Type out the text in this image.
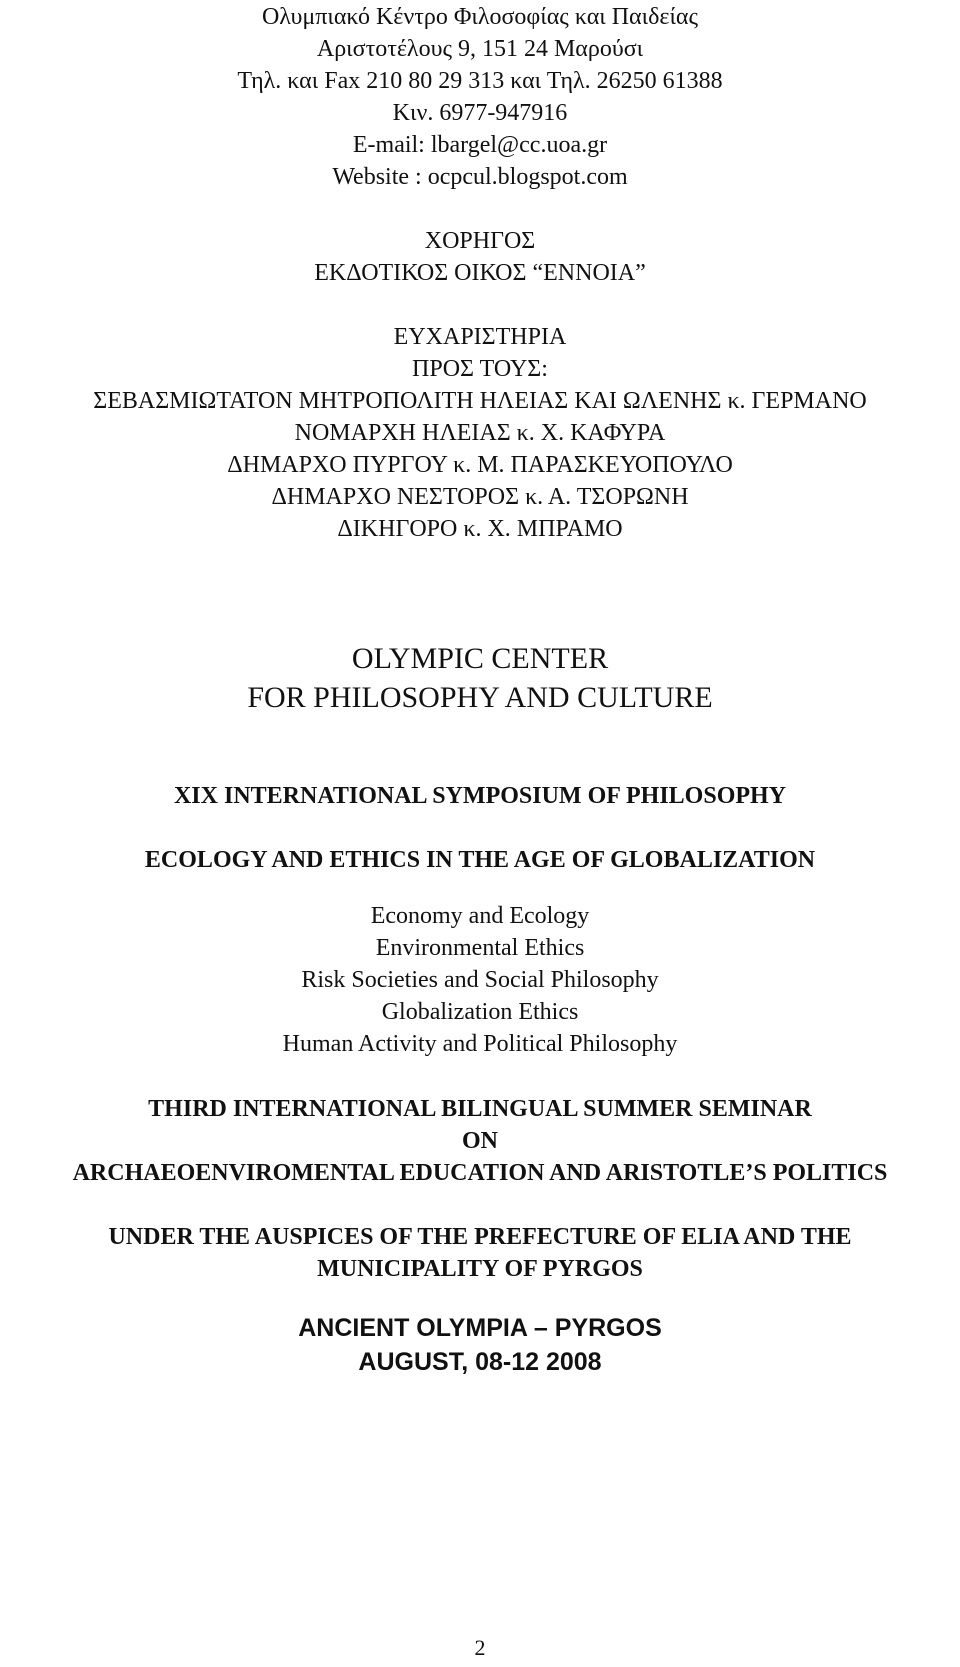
Ολυμπιακό Κέντρο Φιλοσοφίας και Παιδείας
Αριστοτέλους 9, 151 24 Μαρούσι
Τηλ. και Fax 210 80 29 313 και Τηλ. 26250 61388
Κιν. 6977-947916
E-mail: lbargel@cc.uoa.gr
Website : ocpcul.blogspot.com
ΧΟΡΗΓΟΣ
ΕΚΔΟΤΙΚΟΣ ΟΙΚΟΣ “ΕΝΝΟΙΑ”
ΕΥΧΑΡΙΣΤΗΡΙΑ
ΠΡΟΣ ΤΟΥΣ:
ΣΕΒΑΣΜΙΩΤΑΤΟΝ ΜΗΤΡΟΠΟΛΙΤΗ ΗΛΕΙΑΣ ΚΑΙ ΩΛΕΝΗΣ κ. ΓΕΡΜΑΝΟ
ΝΟΜΑΡΧΗ ΗΛΕΙΑΣ κ. Χ. ΚΑΦΥΡΑ
ΔΗΜΑΡΧΟ ΠΥΡΓΟΥ κ. Μ. ΠΑΡΑΣΚΕΥΟΠΟΥΛΟ
ΔΗΜΑΡΧΟ ΝΕΣΤΟΡΟΣ κ. Α. ΤΣΟΡΩΝΗ
ΔΙΚΗΓΟΡΟ κ. Χ. ΜΠΡΑΜΟ
OLYMPIC CENTER
FOR PHILOSOPHY AND CULTURE
XIX INTERNATIONAL SYMPOSIUM OF PHILOSOPHY
ECOLOGY AND ETHICS IN THE AGE OF GLOBALIZATION
Economy and Ecology
Environmental Ethics
Risk Societies and Social Philosophy
Globalization Ethics
Human Activity and Political Philosophy
THIRD INTERNATIONAL BILINGUAL SUMMER SEMINAR
ON
ARCHAEOENVIROMENTAL EDUCATION AND ARISTOTLE’S POLITICS
UNDER THE AUSPICES OF THE PREFECTURE OF ELIA AND THE
MUNICIPALITY OF PYRGOS
ANCIENT OLYMPIA – PYRGOS
AUGUST, 08-12 2008
2
